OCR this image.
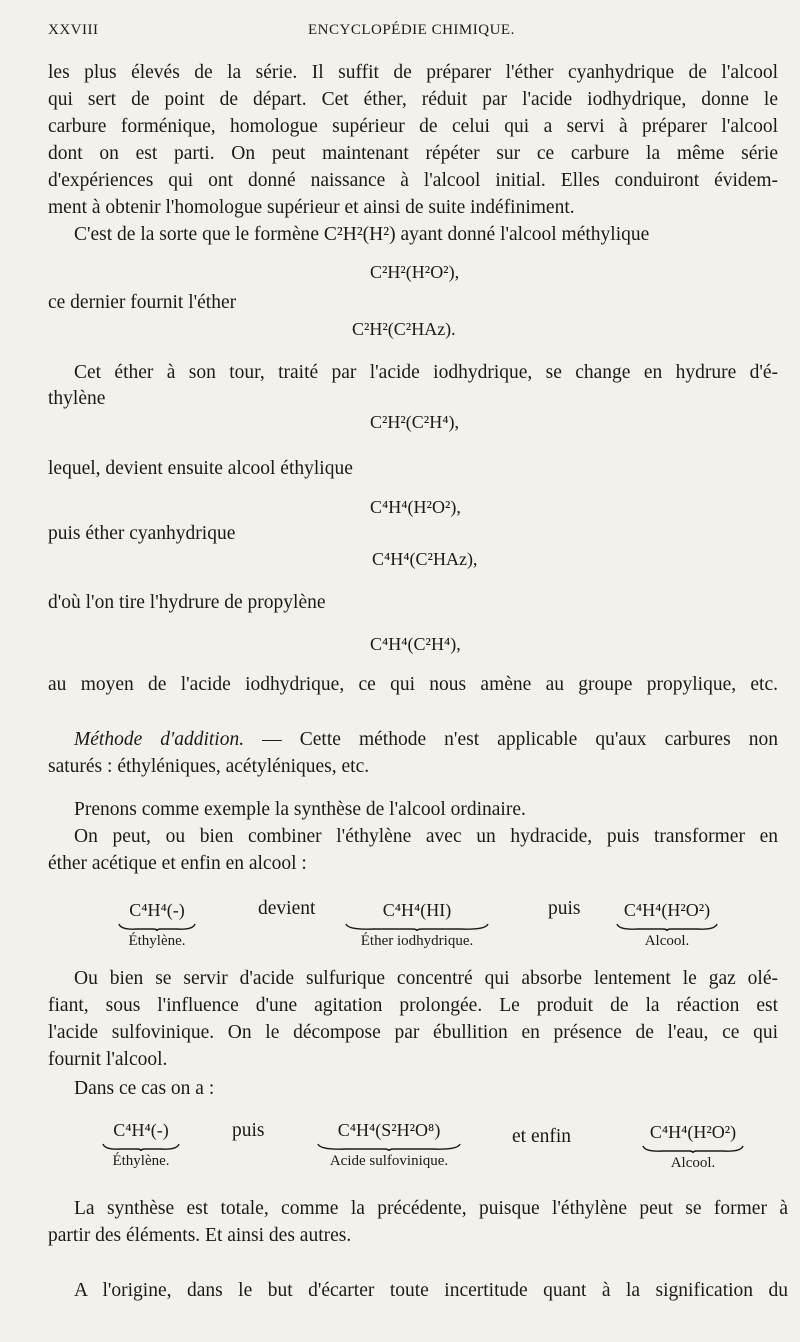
XXVIII	ENCYCLOPÉDIE CHIMIQUE.

les plus élevés de la série. Il suffit de préparer l'éther cyanhydrique de l'alcool

qui sert de point de départ. Cet éther, réduit par l'acide iodhydrique, donne le

carbure forménique, homologue supérieur de celui qui a servi à préparer l'alcool

dont on est parti. On peut maintenant répéter sur ce carbure la même série

d'expériences qui ont donné naissance à l'alcool initial. Elles conduiront évidem-

ment à obtenir l'homologue supérieur et ainsi de suite indéfiniment.

C'est de la sorte que le formène C²H²(H²) ayant donné l'alcool méthylique

C²H²(H²O²),

ce dernier fournit l'éther

C²H²(C²HAz).

Cet éther à son tour, traité par l'acide iodhydrique, se change en hydrure d'é-

thylène

C²H²(C²H⁴),

lequel, devient ensuite alcool éthylique

C⁴H⁴(H²O²),

puis éther cyanhydrique

C⁴H⁴(C²HAz),

d'où l'on tire l'hydrure de propylène

C⁴H⁴(C²H⁴),

au moyen de l'acide iodhydrique, ce qui nous amène au groupe propylique, etc.

Méthode d'addition. — Cette méthode n'est applicable qu'aux carbures non

saturés : éthyléniques, acétyléniques, etc.

Prenons comme exemple la synthèse de l'alcool ordinaire.

On peut, ou bien combiner l'éthylène avec un hydracide, puis transformer en

éther acétique et enfin en alcool :

C⁴H⁴(-)
Éthylène.
devient	C⁴H⁴(HI)
Éther iodhydrique.
puis	C⁴H⁴(H²O²)
Alcool.

Ou bien se servir d'acide sulfurique concentré qui absorbe lentement le gaz olé-

fiant, sous l'influence d'une agitation prolongée. Le produit de la réaction est

l'acide sulfovinique. On le décompose par ébullition en présence de l'eau, ce qui

fournit l'alcool.

Dans ce cas on a :

C⁴H⁴(-)
Éthylène.
puis	C⁴H⁴(S²H²O⁸)
Acide sulfovinique.
et enfin	C⁴H⁴(H²O²)
Alcool.

La synthèse est totale, comme la précédente, puisque l'éthylène peut se former à

partir des éléments. Et ainsi des autres.

A l'origine, dans le but d'écarter toute incertitude quant à la signification du
